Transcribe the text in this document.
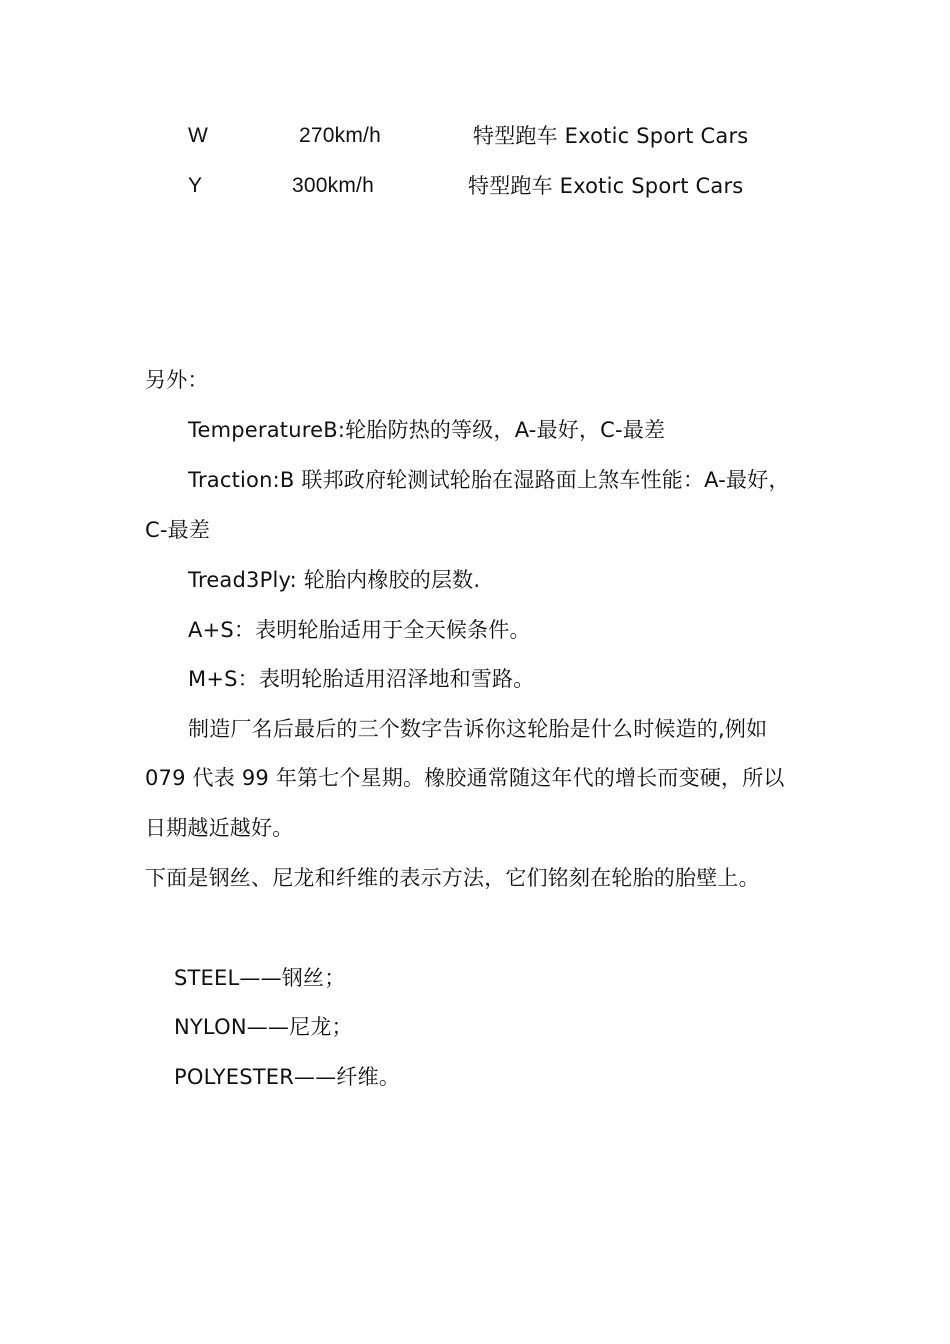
W	270km/h	特型跑车 Exotic Sport Cars
Y	300km/h	特型跑车 Exotic Sport Cars
另外：
TemperatureB:轮胎防热的等级，A-最好，C-最差
Traction:B 联邦政府轮测试轮胎在湿路面上煞车性能：A-最好，
C-最差
Tread3Ply: 轮胎内橡胶的层数.
A+S：表明轮胎适用于全天候条件。
M+S：表明轮胎适用沼泽地和雪路。
制造厂名后最后的三个数字告诉你这轮胎是什么时候造的,例如
079 代表 99 年第七个星期。橡胶通常随这年代的增长而变硬，所以
日期越近越好。
下面是钢丝、尼龙和纤维的表示方法，它们铭刻在轮胎的胎壁上。
STEEL——钢丝；
NYLON——尼龙；
POLYESTER——纤维。
